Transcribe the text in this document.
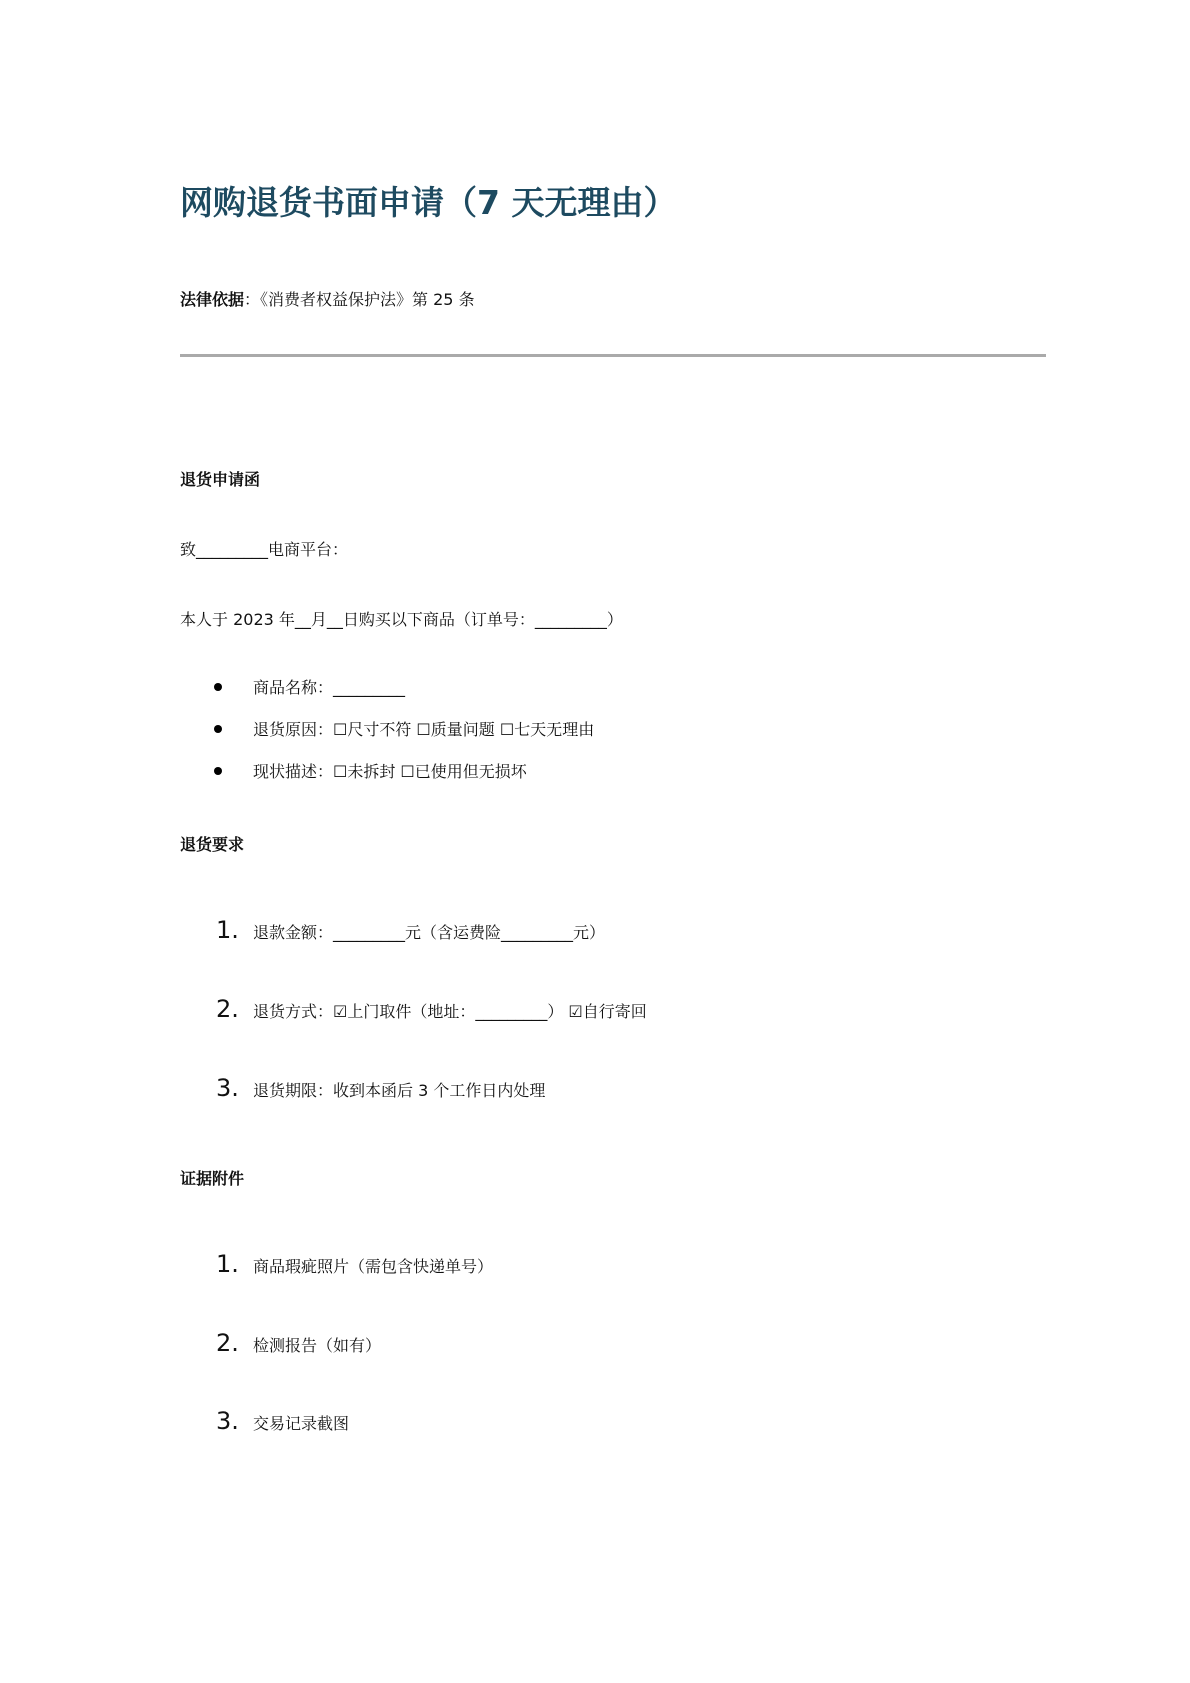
网购退货书面申请（7 天无理由）
法律依据：《消费者权益保护法》第 25 条
退货申请函
致_________电商平台：
本人于 2023 年__月__日购买以下商品（订单号：_________）
商品名称：_________
退货原因：☐尺寸不符 ☐质量问题 ☐七天无理由
现状描述：☐未拆封 ☐已使用但无损坏
退货要求
1. 退款金额：_________元（含运费险_________元）
2. 退货方式：☑上门取件（地址：_________） ☑自行寄回
3. 退货期限：收到本函后 3 个工作日内处理
证据附件
1. 商品瑕疵照片（需包含快递单号）
2. 检测报告（如有）
3. 交易记录截图
